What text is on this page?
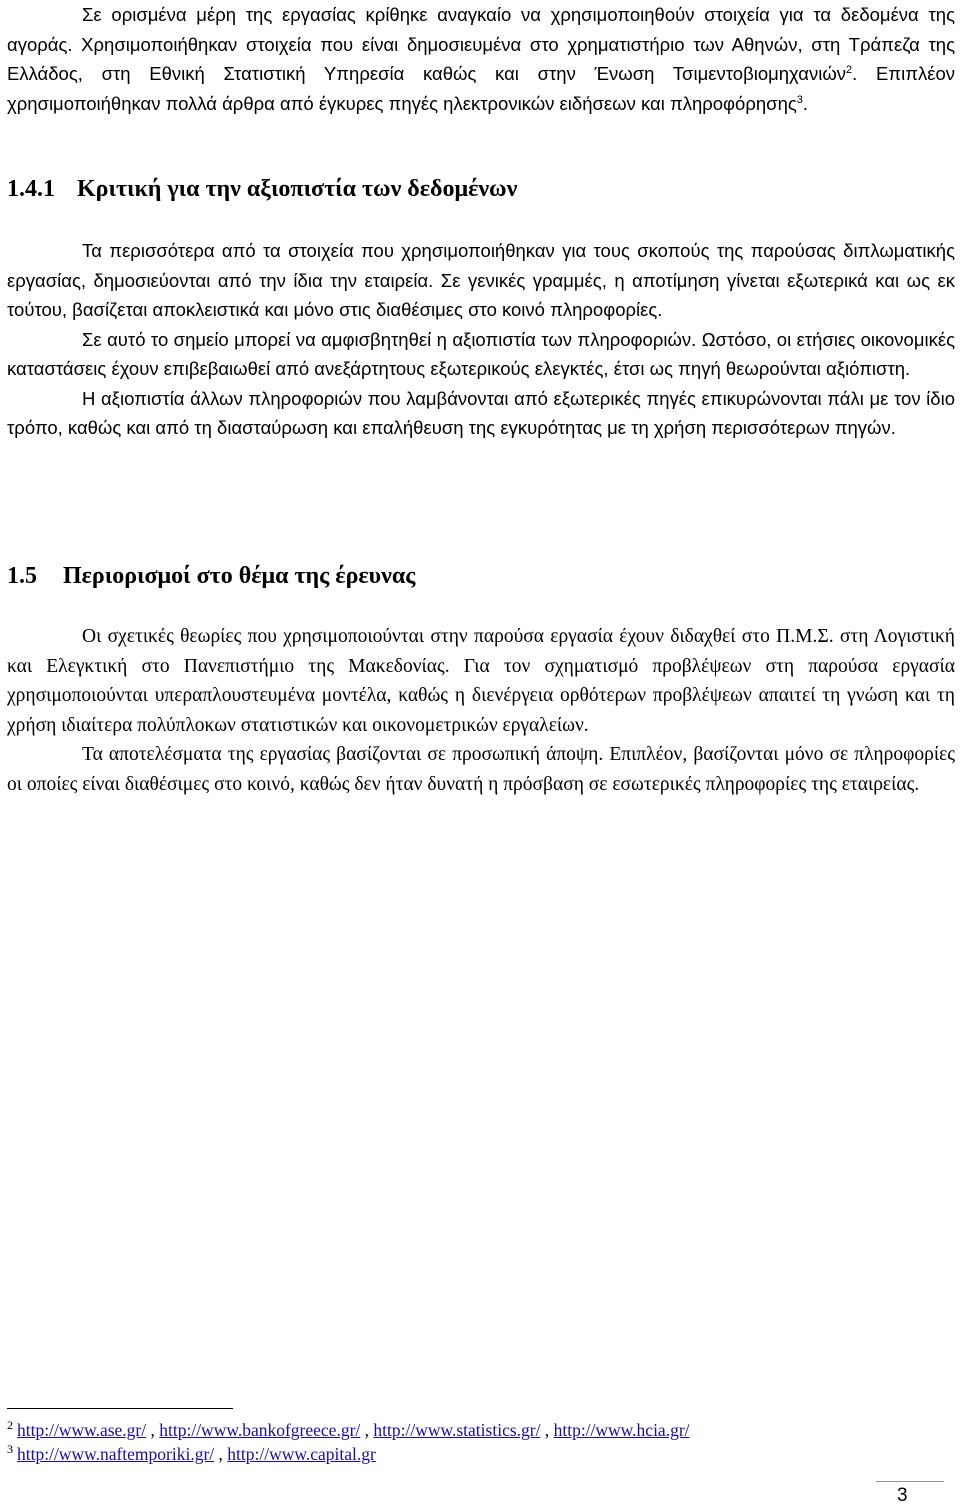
Σε ορισμένα μέρη της εργασίας κρίθηκε αναγκαίο να χρησιμοποιηθούν στοιχεία για τα δεδομένα της αγοράς. Χρησιμοποιήθηκαν στοιχεία που είναι δημοσιευμένα στο χρηματιστήριο των Αθηνών, στη Τράπεζα της Ελλάδος, στη Εθνική Στατιστική Υπηρεσία καθώς και στην Ένωση Τσιμεντοβιομηχανιών$^2$. Επιπλέον χρησιμοποιήθηκαν πολλά άρθρα από έγκυρες πηγές ηλεκτρονικών ειδήσεων και πληροφόρησης$^3$.

1.4.1 Κριτική για την αξιοπιστία των δεδομένων

Τα περισσότερα από τα στοιχεία που χρησιμοποιήθηκαν για τους σκοπούς της παρούσας διπλωματικής εργασίας, δημοσιεύονται από την ίδια την εταιρεία. Σε γενικές γραμμές, η αποτίμηση γίνεται εξωτερικά και ως εκ τούτου, βασίζεται αποκλειστικά και μόνο στις διαθέσιμες στο κοινό πληροφορίες.

Σε αυτό το σημείο μπορεί να αμφισβητηθεί η αξιοπιστία των πληροφοριών. Ωστόσο, οι ετήσιες οικονομικές καταστάσεις έχουν επιβεβαιωθεί από ανεξάρτητους εξωτερικούς ελεγκτές, έτσι ως πηγή θεωρούνται αξιόπιστη.

Η αξιοπιστία άλλων πληροφοριών που λαμβάνονται από εξωτερικές πηγές επικυρώνονται πάλι με τον ίδιο τρόπο, καθώς και από τη διασταύρωση και επαλήθευση της εγκυρότητας με τη χρήση περισσότερων πηγών.

1.5 Περιορισμοί στο θέμα της έρευνας

Οι σχετικές θεωρίες που χρησιμοποιούνται στην παρούσα εργασία έχουν διδαχθεί στο Π.Μ.Σ. στη Λογιστική και Ελεγκτική στο Πανεπιστήμιο της Μακεδονίας. Για τον σχηματισμό προβλέψεων στη παρούσα εργασία χρησιμοποιούνται υπεραπλουστευμένα μοντέλα, καθώς η διενέργεια ορθότερων προβλέψεων απαιτεί τη γνώση και τη χρήση ιδιαίτερα πολύπλοκων στατιστικών και οικονομετρικών εργαλείων.

Τα αποτελέσματα της εργασίας βασίζονται σε προσωπική άποψη. Επιπλέον, βασίζονται μόνο σε πληροφορίες οι οποίες είναι διαθέσιμες στο κοινό, καθώς δεν ήταν δυνατή η πρόσβαση σε εσωτερικές πληροφορίες της εταιρείας.

$^2$ http://www.ase.gr/ , http://www.bankofgreece.gr/ , http://www.statistics.gr/ , http://www.hcia.gr/
$^3$ http://www.naftemporiki.gr/ , http://www.capital.gr
3
